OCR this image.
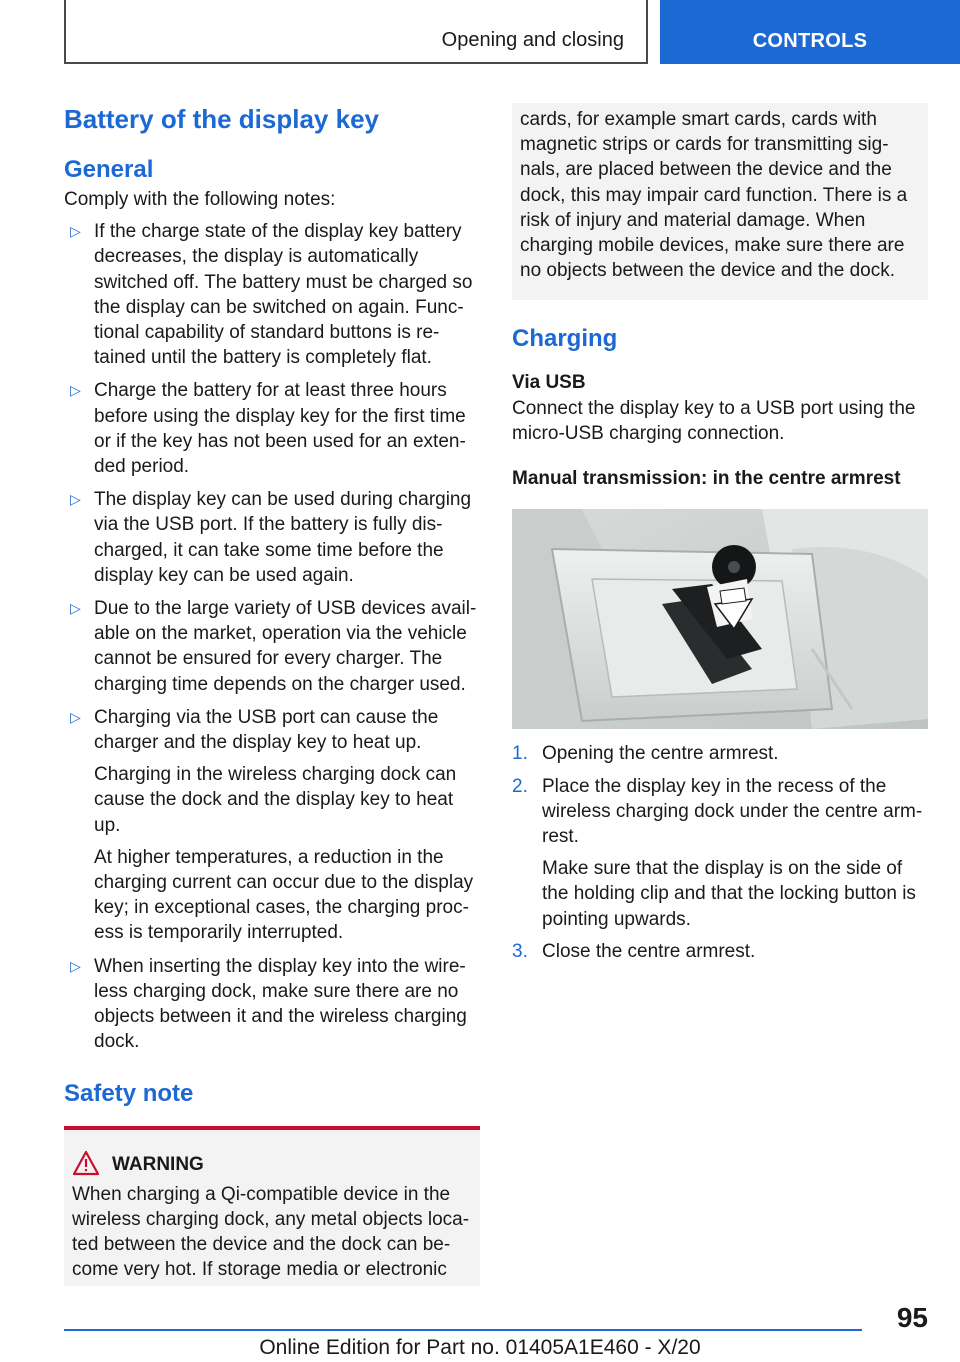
Opening and closing	CONTROLS
Battery of the display key
General

Comply with the following notes:

▷ If the charge state of the display key battery decreases, the display is automatically switched off. The battery must be charged so the display can be switched on again. Functional capability of standard buttons is retained until the battery is completely flat.

▷ Charge the battery for at least three hours before using the display key for the first time or if the key has not been used for an extended period.

▷ The display key can be used during charging via the USB port. If the battery is fully discharged, it can take some time before the display key can be used again.

▷ Due to the large variety of USB devices available on the market, operation via the vehicle cannot be ensured for every charger. The charging time depends on the charger used.

▷ Charging via the USB port can cause the charger and the display key to heat up.

Charging in the wireless charging dock can cause the dock and the display key to heat up.

At higher temperatures, a reduction in the charging current can occur due to the display key; in exceptional cases, the charging process is temporarily interrupted.

▷ When inserting the display key into the wireless charging dock, make sure there are no objects between it and the wireless charging dock.

Safety note
WARNING
When charging a Qi-compatible device in the wireless charging dock, any metal objects located between the device and the dock can become very hot. If storage media or electronic
cards, for example smart cards, cards with magnetic strips or cards for transmitting signals, are placed between the device and the dock, this may impair card function. There is a risk of injury and material damage. When charging mobile devices, make sure there are no objects between the device and the dock.
Charging
Via USB

Connect the display key to a USB port using the micro-USB charging connection.

Manual transmission: in the centre armrest
1. Opening the centre armrest.

2. Place the display key in the recess of the wireless charging dock under the centre armrest.

Make sure that the display is on the side of the holding clip and that the locking button is pointing upwards.

3. Close the centre armrest.

95
Online Edition for Part no. 01405A1E460 - X/20
